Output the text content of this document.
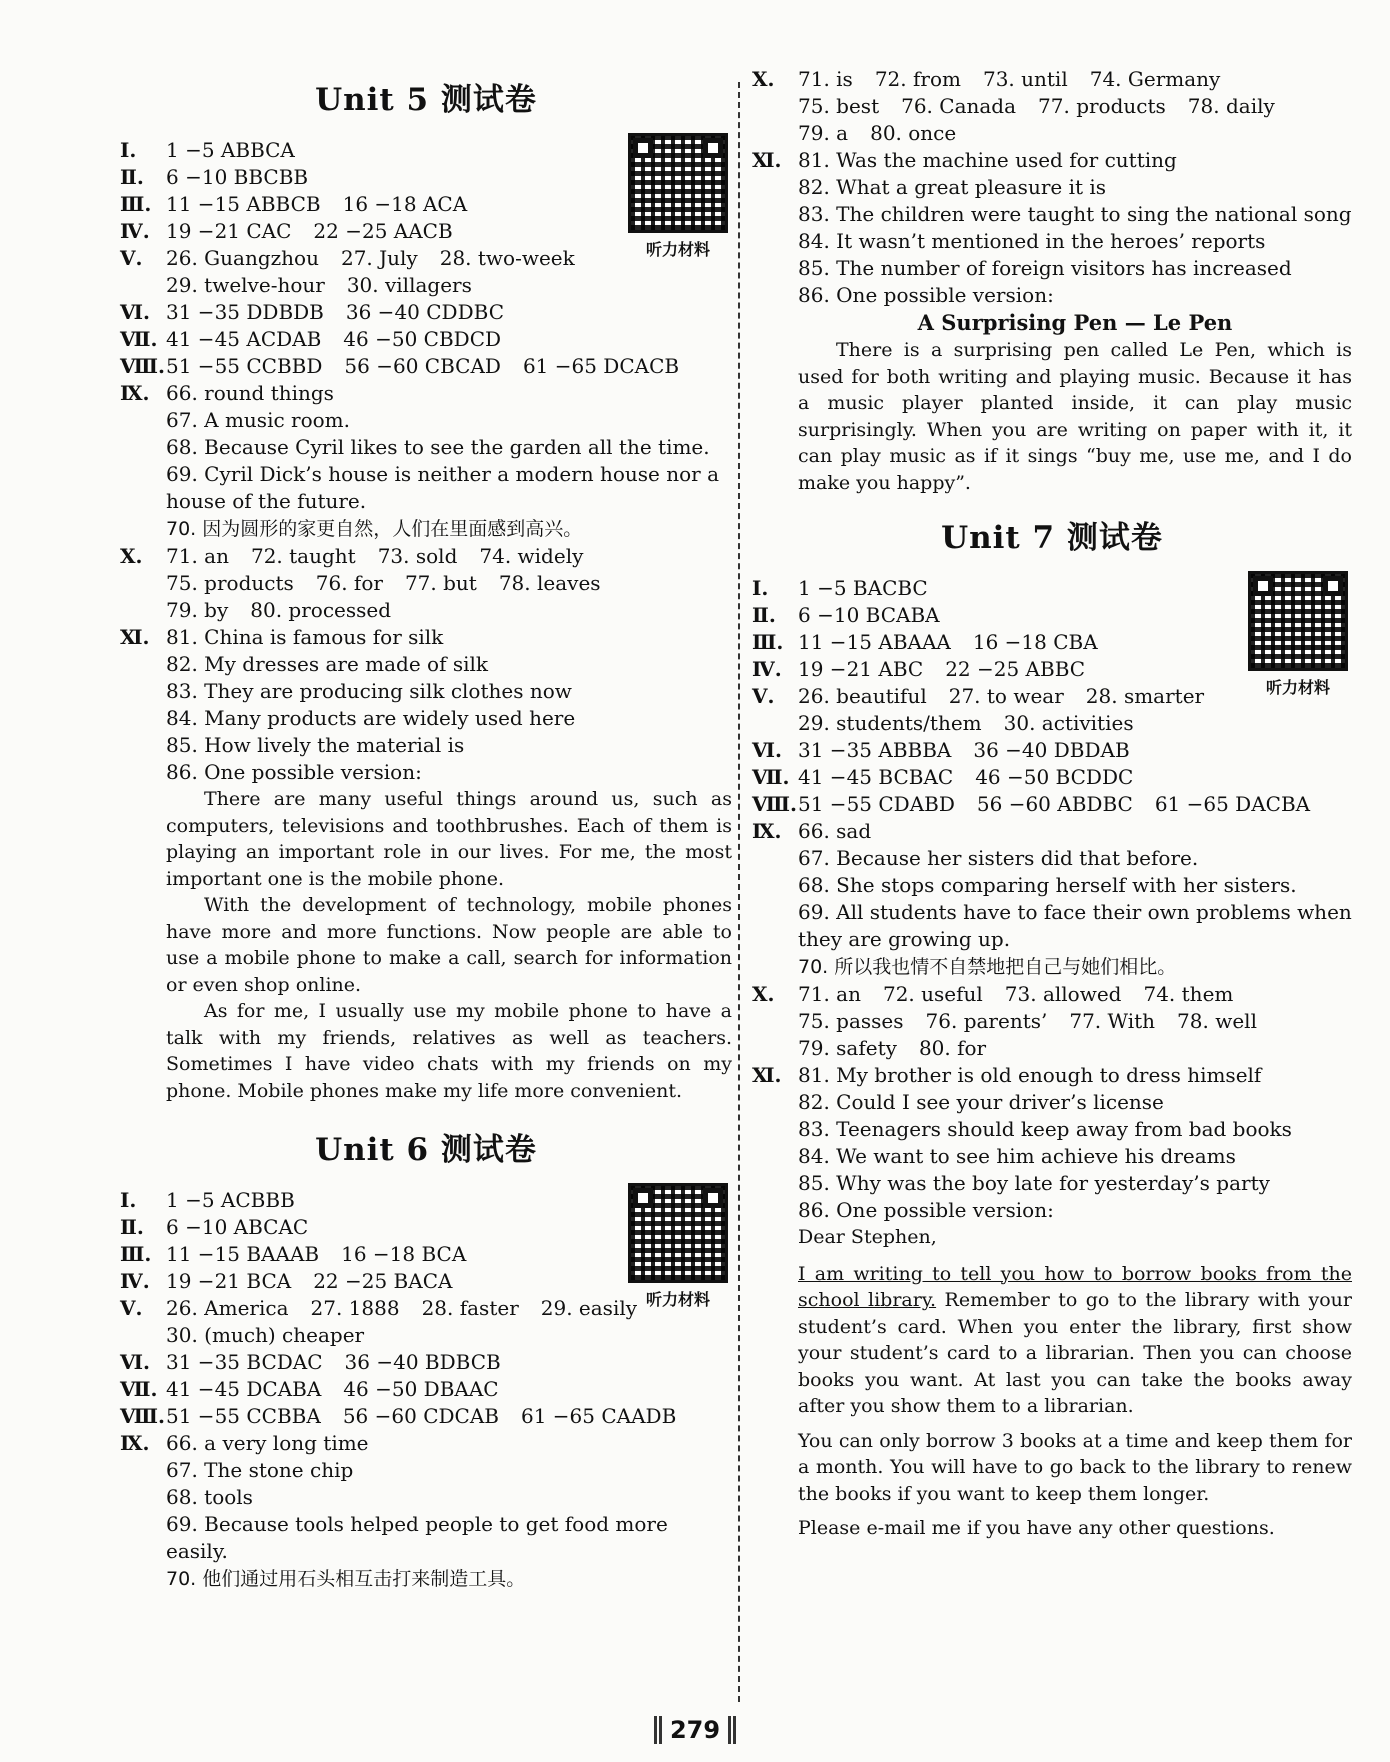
Unit 5 测试卷
听力材料
Ⅰ.	1 −5 ABBCA
Ⅱ.	6 −10 BBCBB
Ⅲ. 11 −15 ABBCB 16 −18 ACA
Ⅳ. 19 −21 CAC 22 −25 AACB
Ⅴ.	26. Guangzhou 27. July 28. two-week
29. twelve-hour 30. villagers
Ⅵ. 31 −35 DDBDB 36 −40 CDDBC
Ⅶ. 41 −45 ACDAB 46 −50 CBDCD
Ⅷ. 51 −55 CCBBD 56 −60 CBCAD 61 −65 DCACB
Ⅸ. 66. round things
67. A music room.
68. Because Cyril likes to see the garden all the time.
69. Cyril Dick’s house is neither a modern house nor a house of the future.
70. 因为圆形的家更自然，人们在里面感到高兴。
Ⅹ.	71. an 72. taught 73. sold 74. widely
75. products 76. for 77. but 78. leaves
79. by 80. processed
Ⅺ. 81. China is famous for silk
82. My dresses are made of silk
83. They are producing silk clothes now
84. Many products are widely used here
85. How lively the material is
86. One possible version:

There are many useful things around us, such as computers, televisions and toothbrushes. Each of them is playing an important role in our lives. For me, the most important one is the mobile phone.

With the development of technology, mobile phones have more and more functions. Now people are able to use a mobile phone to make a call, search for information or even shop online.

As for me, I usually use my mobile phone to have a talk with my friends, relatives as well as teachers. Sometimes I have video chats with my friends on my phone. Mobile phones make my life more convenient.

Unit 6 测试卷
听力材料
Ⅰ.	1 −5 ACBBB
Ⅱ.	6 −10 ABCAC
Ⅲ. 11 −15 BAAAB 16 −18 BCA
Ⅳ. 19 −21 BCA 22 −25 BACA
Ⅴ.	26. America 27. 1888 28. faster 29. easily
30. (much) cheaper
Ⅵ. 31 −35 BCDAC 36 −40 BDBCB
Ⅶ. 41 −45 DCABA 46 −50 DBAAC
Ⅷ. 51 −55 CCBBA 56 −60 CDCAB 61 −65 CAADB
Ⅸ. 66. a very long time
67. The stone chip
68. tools
69. Because tools helped people to get food more easily.
70. 他们通过用石头相互击打来制造工具。
Ⅹ.	71. is 72. from 73. until 74. Germany
75. best 76. Canada 77. products 78. daily
79. a 80. once
Ⅺ. 81. Was the machine used for cutting
82. What a great pleasure it is
83. The children were taught to sing the national song
84. It wasn’t mentioned in the heroes’ reports
85. The number of foreign visitors has increased
86. One possible version:
A Surprising Pen — Le Pen

There is a surprising pen called Le Pen, which is used for both writing and playing music. Because it has a music player planted inside, it can play music surprisingly. When you are writing on paper with it, it can play music as if it sings “buy me, use me, and I do make you happy”.

Unit 7 测试卷
听力材料
Ⅰ.	1 −5 BACBC
Ⅱ.	6 −10 BCABA
Ⅲ. 11 −15 ABAAA 16 −18 CBA
Ⅳ. 19 −21 ABC 22 −25 ABBC
Ⅴ.	26. beautiful 27. to wear 28. smarter
29. students/them 30. activities
Ⅵ. 31 −35 ABBBA 36 −40 DBDAB
Ⅶ. 41 −45 BCBAC 46 −50 BCDDC
Ⅷ. 51 −55 CDABD 56 −60 ABDBC 61 −65 DACBA
Ⅸ. 66. sad
67. Because her sisters did that before.
68. She stops comparing herself with her sisters.
69. All students have to face their own problems when they are growing up.
70. 所以我也情不自禁地把自己与她们相比。
Ⅹ.	71. an 72. useful 73. allowed 74. them
75. passes 76. parents’ 77. With 78. well
79. safety 80. for
Ⅺ. 81. My brother is old enough to dress himself
82. Could I see your driver’s license
83. Teenagers should keep away from bad books
84. We want to see him achieve his dreams
85. Why was the boy late for yesterday’s party
86. One possible version:

Dear Stephen,

I am writing to tell you how to borrow books from the school library. Remember to go to the library with your student’s card. When you enter the library, first show your student’s card to a librarian. Then you can choose books you want. At last you can take the books away after you show them to a librarian.

You can only borrow 3 books at a time and keep them for a month. You will have to go back to the library to renew the books if you want to keep them longer.

Please e-mail me if you have any other questions.

279
